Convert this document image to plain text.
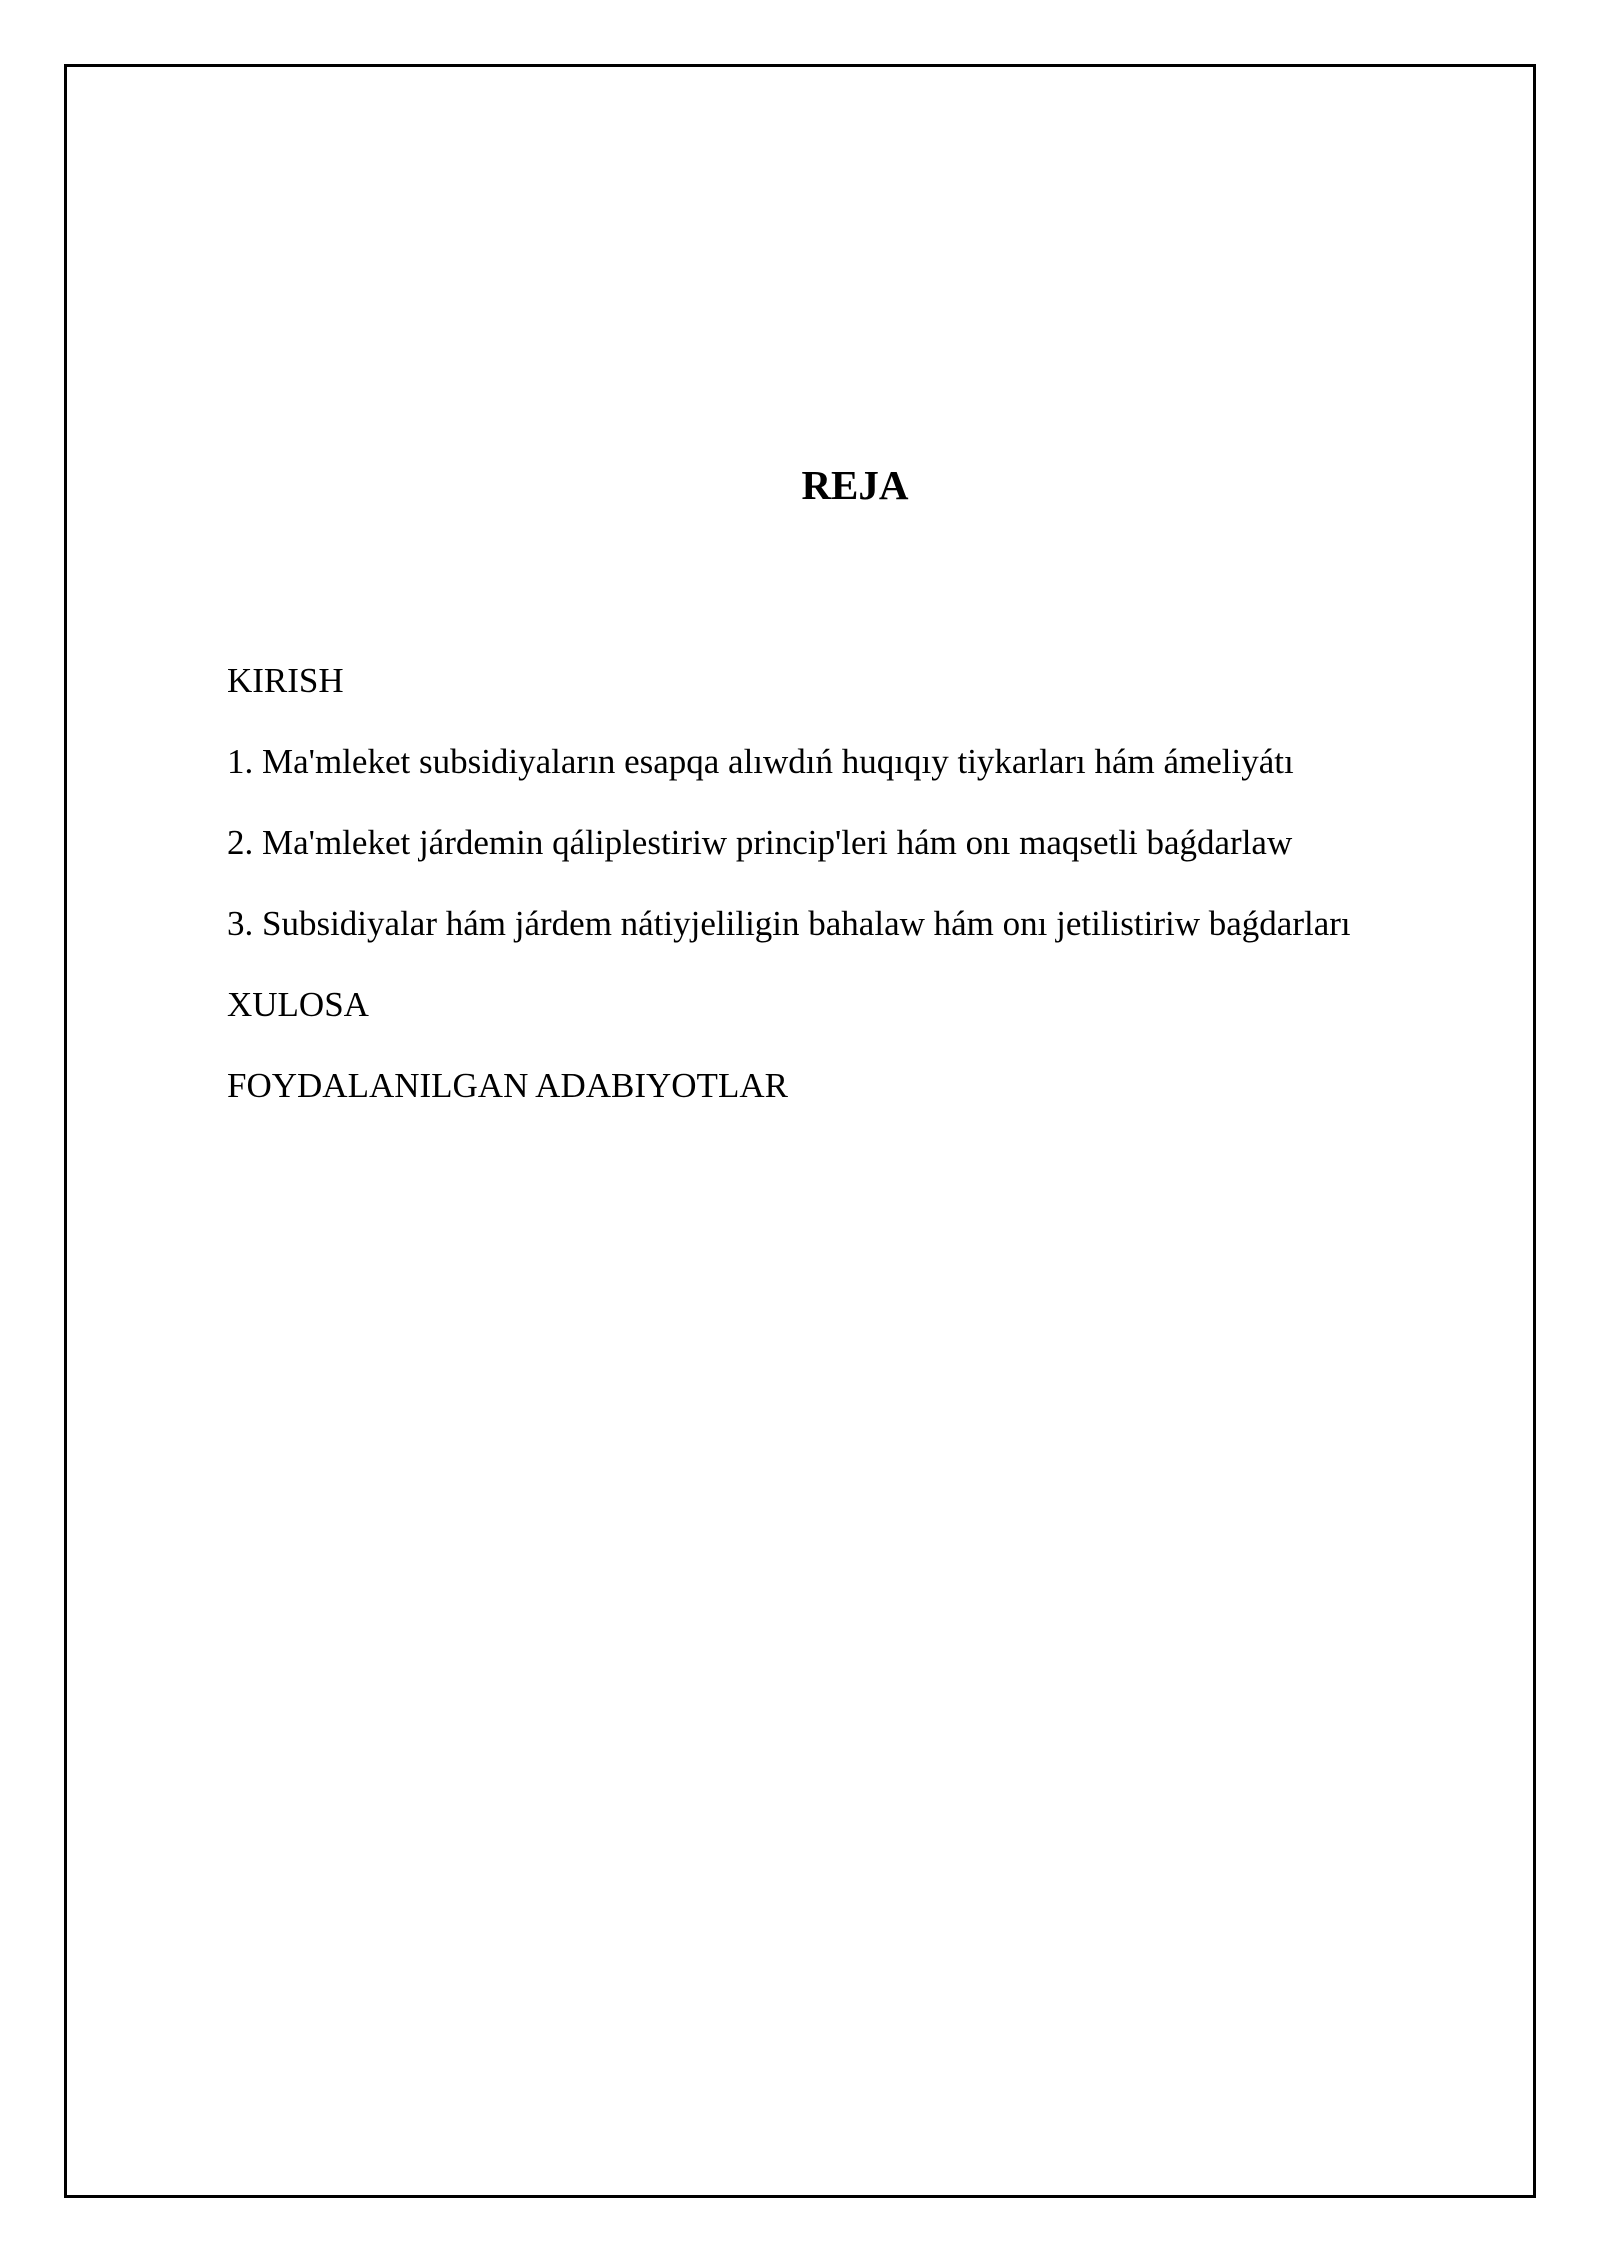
REJA
KIRISH
1. Ma'mleket subsidiyaların esapqa alıwdıń huqıqıy tiykarları hám ámeliyátı
2. Ma'mleket járdemin qáliplestiriw princip'leri hám onı maqsetli baǵdarlaw
3. Subsidiyalar hám járdem nátiyjeliligin bahalaw hám onı jetilistiriw baǵdarları
XULOSA
FOYDALANILGAN ADABIYOTLAR
